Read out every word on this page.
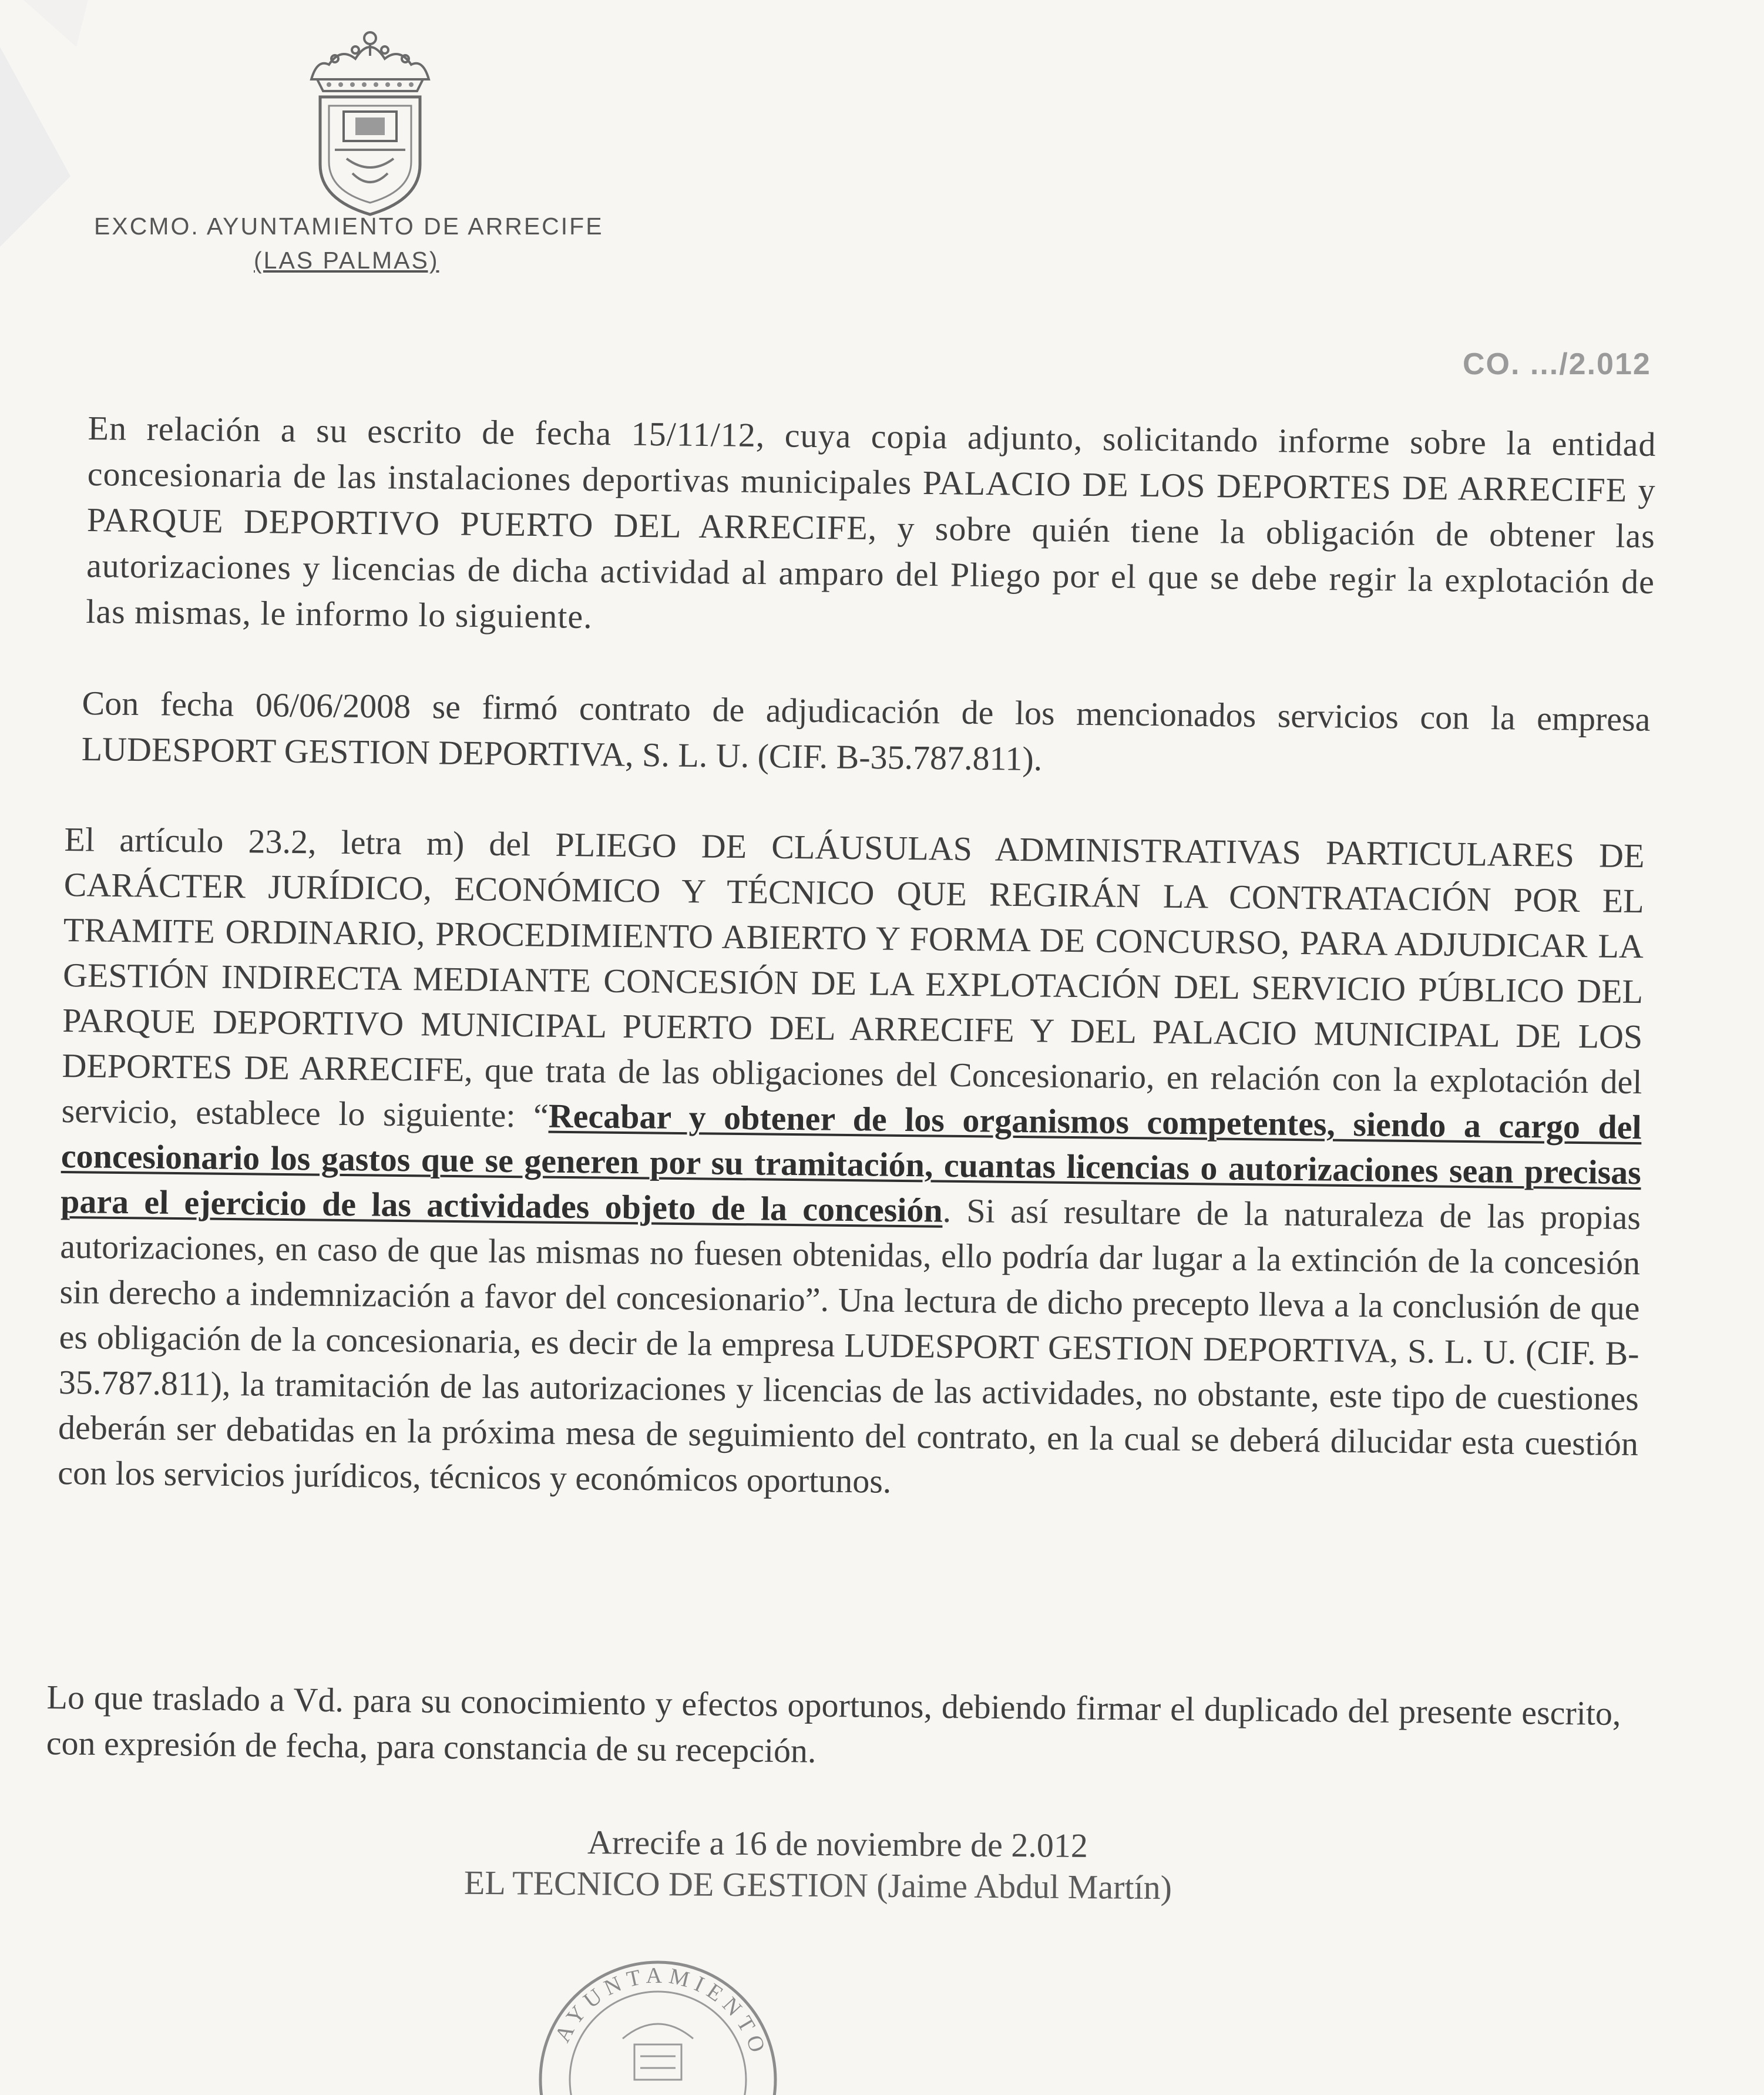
EXCMO. AYUNTAMIENTO DE ARRECIFE
(LAS PALMAS)
CO. .../2.012
En relación a su escrito de fecha 15/11/12, cuya copia adjunto, solicitando informe sobre la entidad concesionaria de las instalaciones deportivas municipales PALACIO DE LOS DEPORTES DE ARRECIFE y PARQUE DEPORTIVO PUERTO DEL ARRECIFE, y sobre quién tiene la obligación de obtener las autorizaciones y licencias de dicha actividad al amparo del Pliego por el que se debe regir la explotación de las mismas, le informo lo siguiente.
Con fecha 06/06/2008 se firmó contrato de adjudicación de los mencionados servicios con la empresa LUDESPORT GESTION DEPORTIVA, S. L. U. (CIF. B-35.787.811).
El artículo 23.2, letra m) del PLIEGO DE CLÁUSULAS ADMINISTRATIVAS PARTICULARES DE CARÁCTER JURÍDICO, ECONÓMICO Y TÉCNICO QUE REGIRÁN LA CONTRATACIÓN POR EL TRAMITE ORDINARIO, PROCEDIMIENTO ABIERTO Y FORMA DE CONCURSO, PARA ADJUDICAR LA GESTIÓN INDIRECTA MEDIANTE CONCESIÓN DE LA EXPLOTACIÓN DEL SERVICIO PÚBLICO DEL PARQUE DEPORTIVO MUNICIPAL PUERTO DEL ARRECIFE Y DEL PALACIO MUNICIPAL DE LOS DEPORTES DE ARRECIFE, que trata de las obligaciones del Concesionario, en relación con la explotación del servicio, establece lo siguiente: “Recabar y obtener de los organismos competentes, siendo a cargo del concesionario los gastos que se generen por su tramitación, cuantas licencias o autorizaciones sean precisas para el ejercicio de las actividades objeto de la concesión. Si así resultare de la naturaleza de las propias autorizaciones, en caso de que las mismas no fuesen obtenidas, ello podría dar lugar a la extinción de la concesión sin derecho a indemnización a favor del concesionario”. Una lectura de dicho precepto lleva a la conclusión de que es obligación de la concesionaria, es decir de la empresa LUDESPORT GESTION DEPORTIVA, S. L. U. (CIF. B-35.787.811), la tramitación de las autorizaciones y licencias de las actividades, no obstante, este tipo de cuestiones deberán ser debatidas en la próxima mesa de seguimiento del contrato, en la cual se deberá dilucidar esta cuestión con los servicios jurídicos, técnicos y económicos oportunos.
Lo que traslado a Vd. para su conocimiento y efectos oportunos, debiendo firmar el duplicado del presente escrito, con expresión de fecha, para constancia de su recepción.
Arrecife a 16 de noviembre de 2.012
EL TECNICO DE GESTION (Jaime Abdul Martín)
AYUNTAMIENTO
